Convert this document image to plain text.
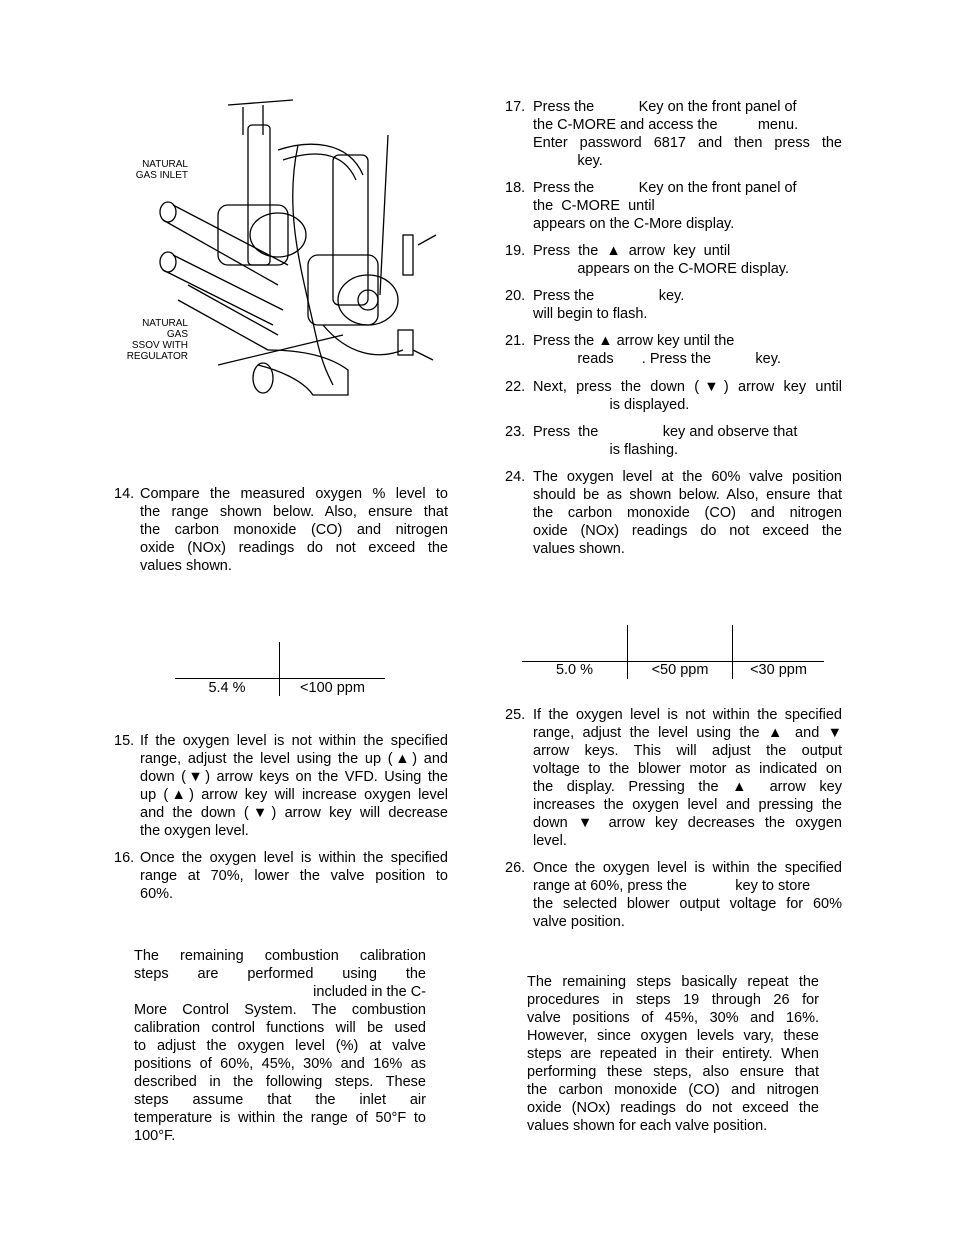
NATURAL
GAS INLET
NATURAL
GAS
SSOV WITH
REGULATOR
14. Compare the measured oxygen % level to
the range shown below. Also, ensure that
the carbon monoxide (CO) and nitrogen
oxide (NOx) readings do not exceed the
values shown.
5.4 %	<100 ppm
15. If the oxygen level is not within the specified
range, adjust the level using the up (▲) and
down (▼) arrow keys on the VFD. Using the
up (▲) arrow key will increase oxygen level
and the down (▼) arrow key will decrease
the oxygen level.
16. Once the oxygen level is within the specified
range at 70%, lower the valve position to
60%.
The remaining combustion calibration
steps are performed using the
included in the C-
More Control System. The combustion
calibration control functions will be used
to adjust the oxygen level (%) at valve
positions of 60%, 45%, 30% and 16% as
described in the following steps. These
steps assume that the inlet air
temperature is within the range of 50°F to
100°F.
17. Press the           Key on the front panel of
the C-MORE and access the          menu.
Enter password 6817 and then press the
key.
18. Press the           Key on the front panel of
the  C-MORE  until
appears on the C-More display.
19. Press  the  ▲  arrow  key  until
appears on the C-MORE display.
20. Press the                key.
will begin to flash.
21. Press the ▲ arrow key until the
reads       . Press the           key.
22. Next, press the down (▼) arrow key until
is displayed.
23. Press  the                key and observe that
is flashing.
24. The oxygen level at the 60% valve position
should be as shown below. Also, ensure that
the carbon monoxide (CO) and nitrogen
oxide (NOx) readings do not exceed the
values shown.
5.0 %	<50 ppm	<30 ppm
25. If the oxygen level is not within the specified
range, adjust the level using the ▲ and ▼
arrow keys. This will adjust the output
voltage to the blower motor as indicated on
the display. Pressing the ▲ arrow key
increases the oxygen level and pressing the
down ▼ arrow key decreases the oxygen
level.
26. Once the oxygen level is within the specified
range at 60%, press the            key to store
the selected blower output voltage for 60%
valve position.
The remaining steps basically repeat the
procedures in steps 19 through 26 for
valve positions of 45%, 30% and 16%.
However, since oxygen levels vary, these
steps are repeated in their entirety. When
performing these steps, also ensure that
the carbon monoxide (CO) and nitrogen
oxide (NOx) readings do not exceed the
values shown for each valve position.
